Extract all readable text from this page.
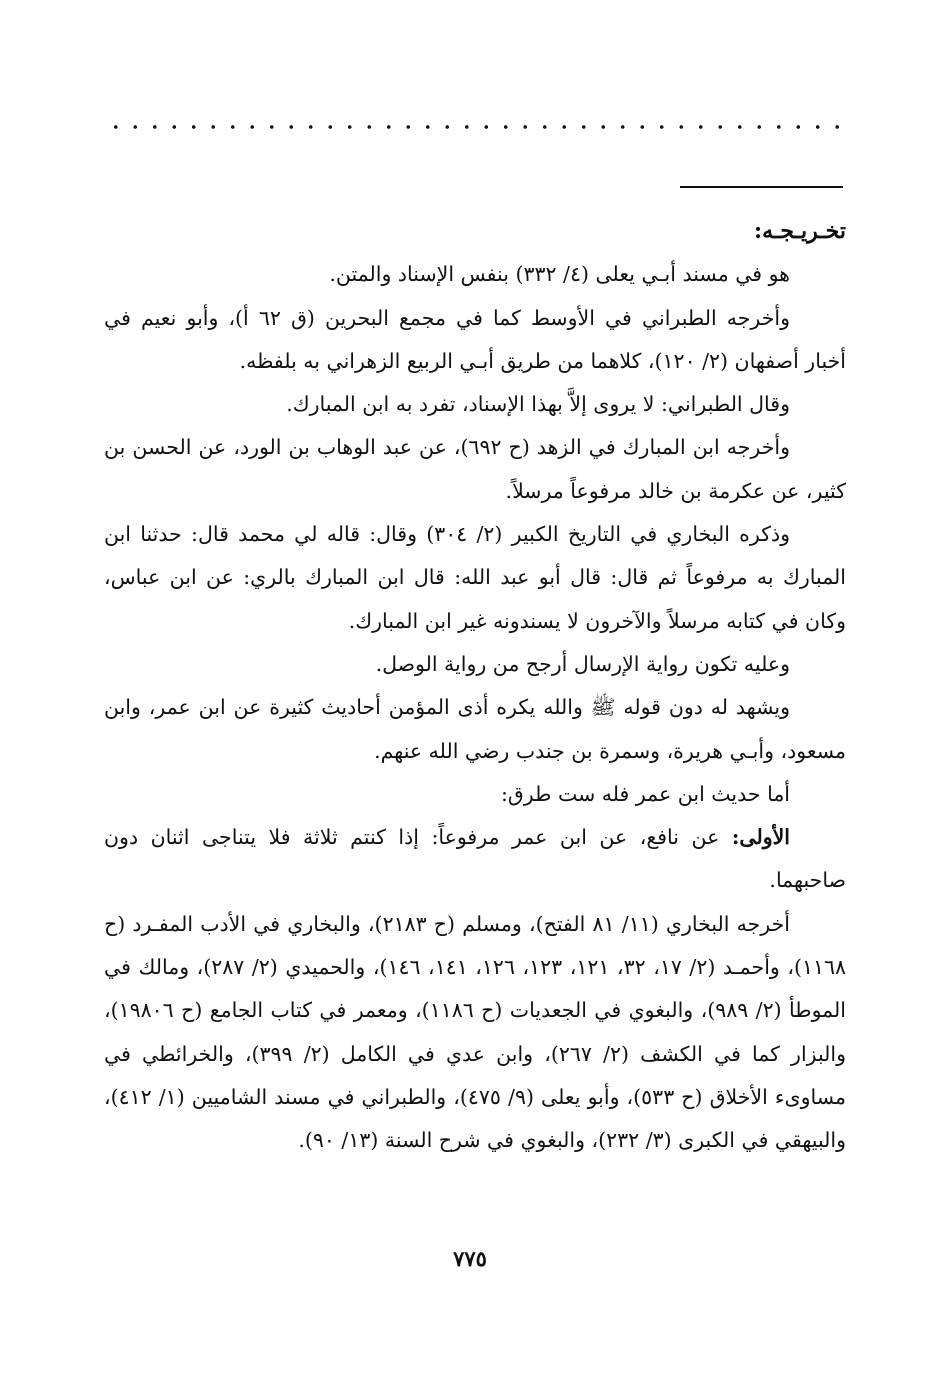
تخـريـجـه:

هو في مسند أبـي يعلى (٤/ ٣٣٢) بنفس الإسناد والمتن.

وأخرجه الطبراني في الأوسط كما في مجمع البحرين (ق ٦٢ أ)، وأبو نعيم في أخبار أصفهان (٢/ ١٢٠)، كلاهما من طريق أبـي الربيع الزهراني به بلفظه.

وقال الطبراني: لا يروى إلاَّ بهذا الإسناد، تفرد به ابن المبارك.

وأخرجه ابن المبارك في الزهد (ح ٦٩٢)، عن عبد الوهاب بن الورد، عن الحسن بن كثير، عن عكرمة بن خالد مرفوعاً مرسلاً.

وذكره البخاري في التاريخ الكبير (٢/ ٣٠٤) وقال: قاله لي محمد قال: حدثنا ابن المبارك به مرفوعاً ثم قال: قال أبو عبد الله: قال ابن المبارك بالري: عن ابن عباس، وكان في كتابه مرسلاً والآخرون لا يسندونه غير ابن المبارك.

وعليه تكون رواية الإرسال أرجح من رواية الوصل.

ويشهد له دون قوله ﷺ والله يكره أذى المؤمن أحاديث كثيرة عن ابن عمر، وابن مسعود، وأبـي هريرة، وسمرة بن جندب رضي الله عنهم.

أما حديث ابن عمر فله ست طرق:

الأولى: عن نافع، عن ابن عمر مرفوعاً: إذا كنتم ثلاثة فلا يتناجى اثنان دون صاحبهما.

أخرجه البخاري (١١/ ٨١ الفتح)، ومسلم (ح ٢١٨٣)، والبخاري في الأدب المفـرد (ح ١١٦٨)، وأحمـد (٢/ ١٧، ٣٢، ١٢١، ١٢٣، ١٢٦، ١٤١، ١٤٦)، والحميدي (٢/ ٢٨٧)، ومالك في الموطأ (٢/ ٩٨٩)، والبغوي في الجعديات (ح ١١٨٦)، ومعمر في كتاب الجامع (ح ١٩٨٠٦)، والبزار كما في الكشف (٢/ ٢٦٧)، وابن عدي في الكامل (٢/ ٣٩٩)، والخرائطي في مساوىء الأخلاق (ح ٥٣٣)، وأبو يعلى (٩/ ٤٧٥)، والطبراني في مسند الشاميين (١/ ٤١٢)، والبيهقي في الكبرى (٣/ ٢٣٢)، والبغوي في شرح السنة (١٣/ ٩٠).

٧٧٥
